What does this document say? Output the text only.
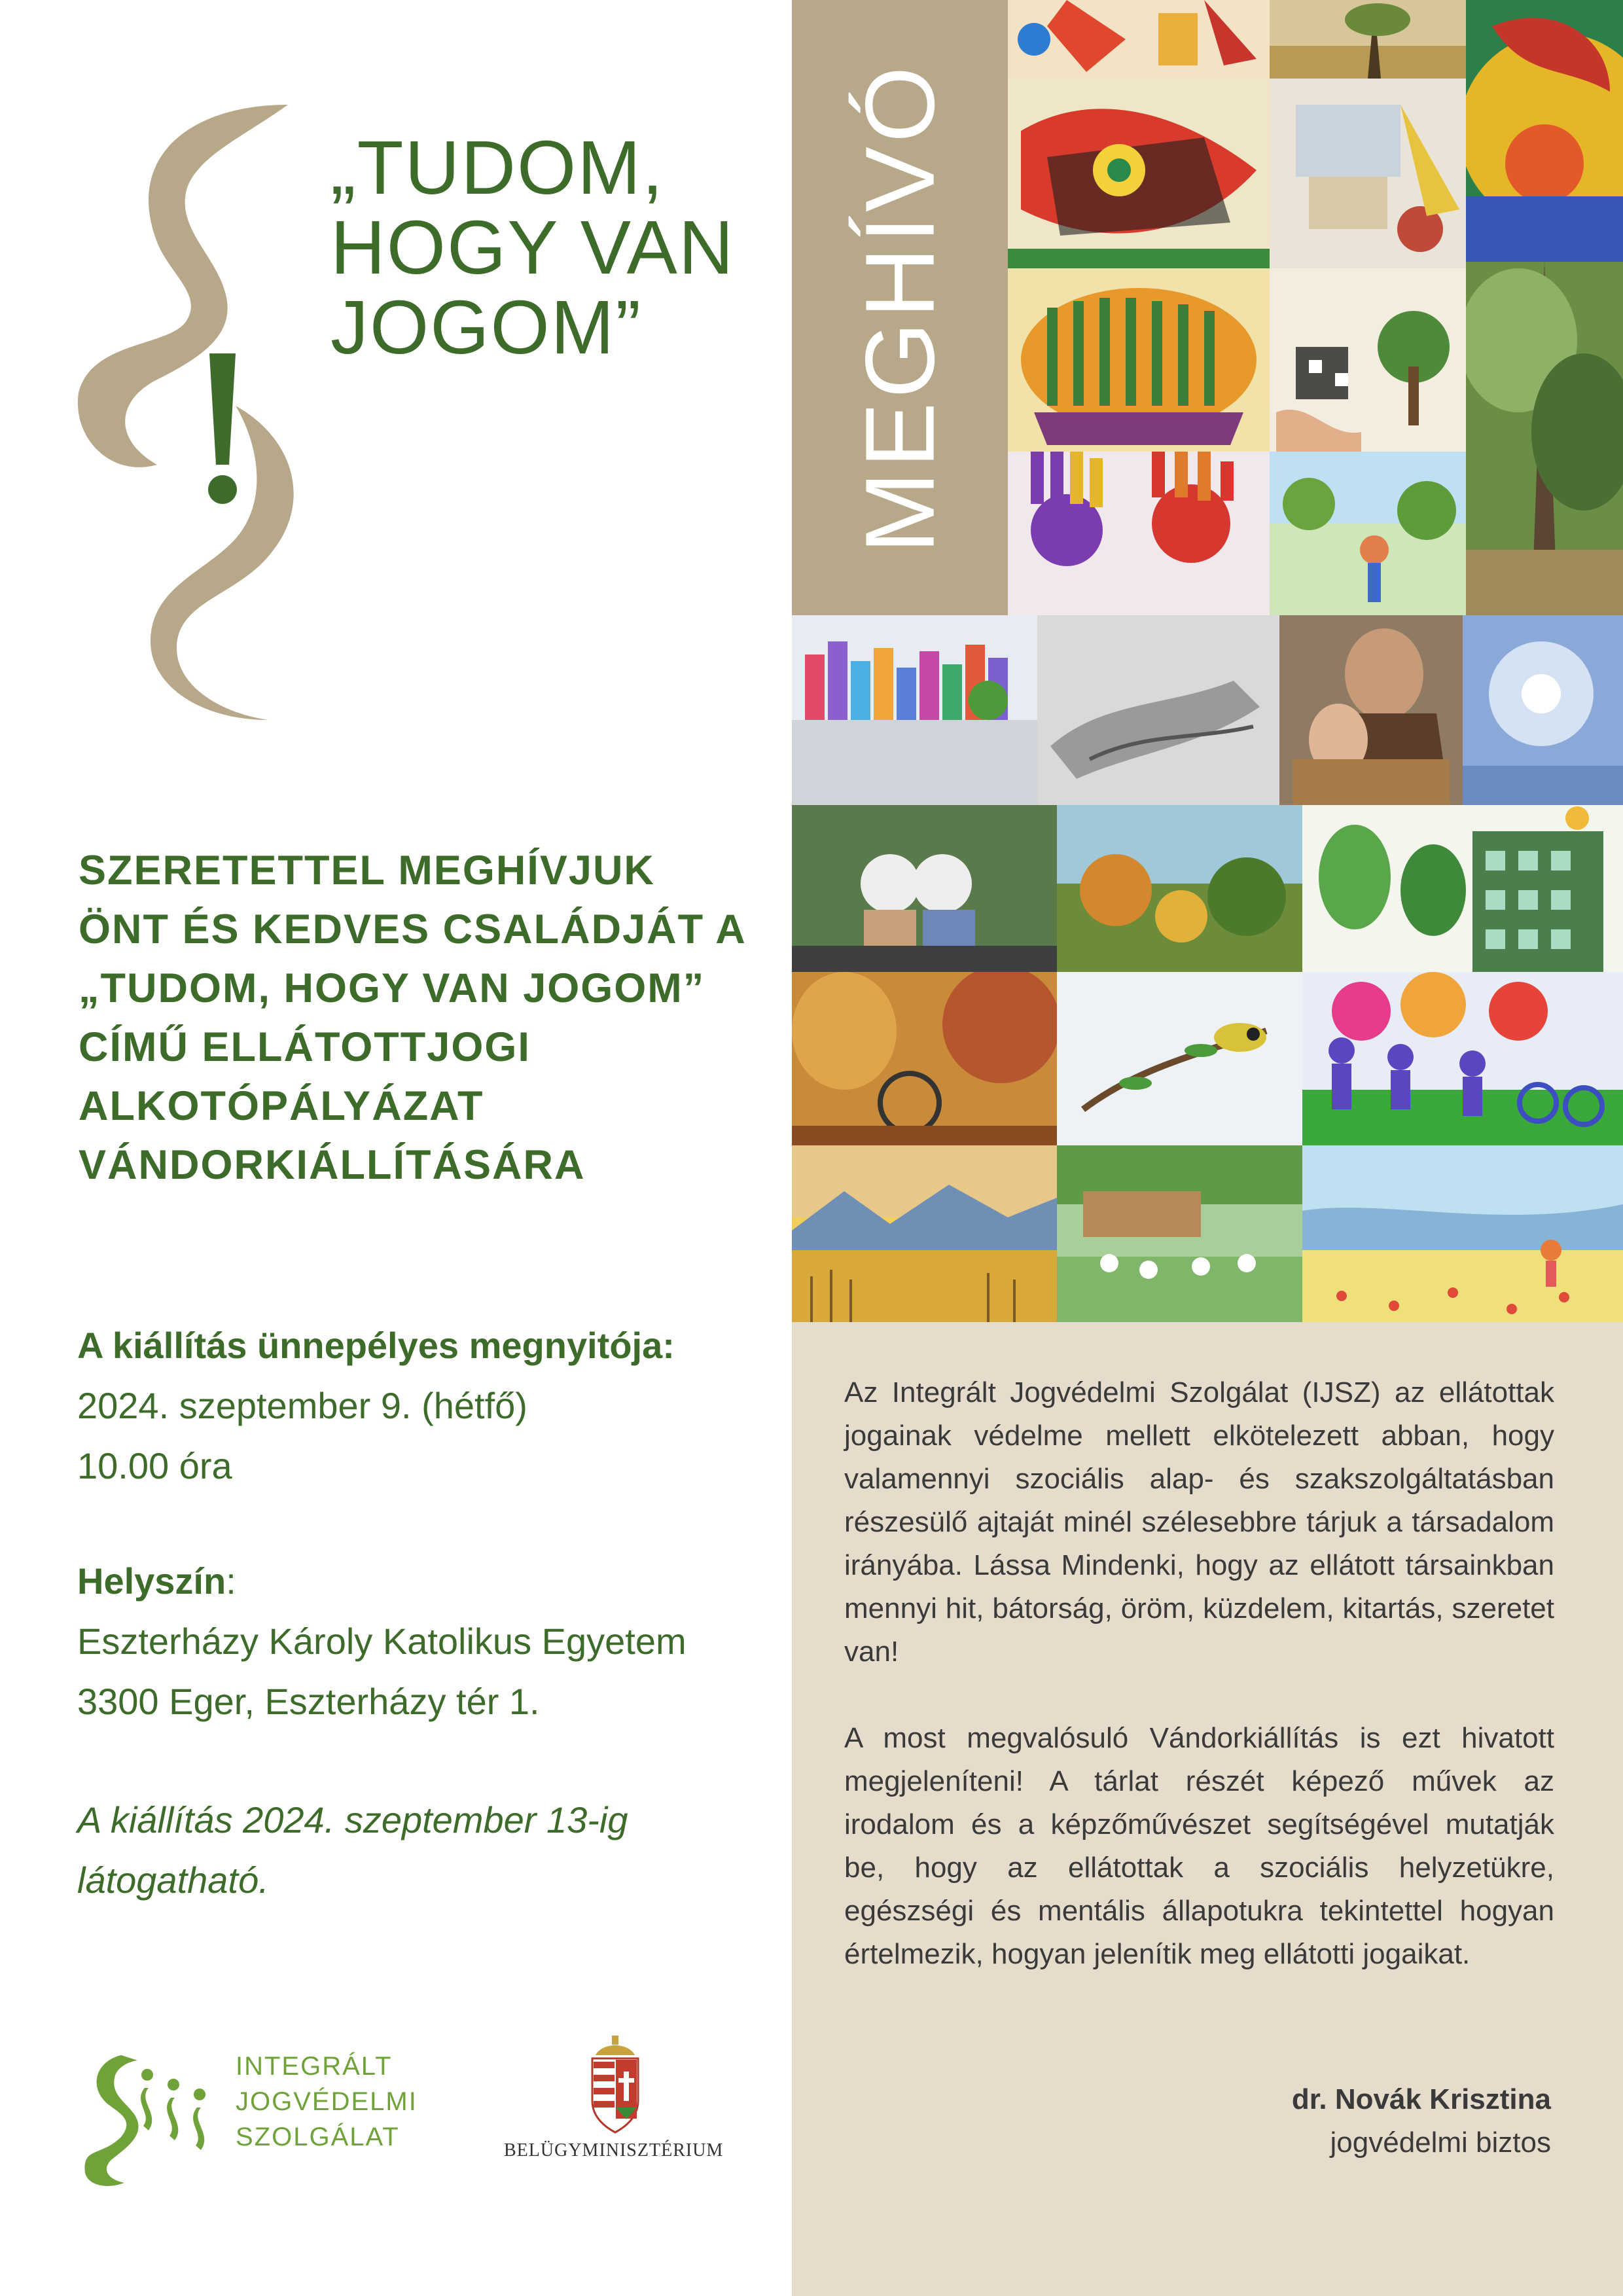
„TUDOM,
HOGY VAN
JOGOM”	MEGHÍVÓ
SZERETETTEL MEGHÍVJUK
ÖNT ÉS KEDVES CSALÁDJÁT A
„TUDOM, HOGY VAN JOGOM”
CÍMŰ ELLÁTOTTJOGI
ALKOTÓPÁLYÁZAT
VÁNDORKIÁLLÍTÁSÁRA
A kiállítás ünnepélyes megnyitója:
2024. szeptember 9. (hétfő)
10.00 óra
Helyszín:
Eszterházy Károly Katolikus Egyetem
3300 Eger, Eszterházy tér 1.
A kiállítás 2024. szeptember 13-ig
látogatható.

Az Integrált Jogvédelmi Szolgálat (IJSZ) az ellátottak jogainak védelme mellett elkötelezett abban, hogy valamennyi szociális alap- és szakszolgáltatásban részesülő ajtaját minél szélesebbre tárjuk a társadalom irányába. Lássa Mindenki, hogy az ellátott társainkban mennyi hit, bátorság, öröm, küzdelem, kitartás, szeretet van!

A most megvalósuló Vándorkiállítás is ezt hivatott megjeleníteni! A tárlat részét képező művek az irodalom és a képzőművészet segítségével mutatják be, hogy az ellátottak a szociális helyzetükre, egészségi és mentális állapotukra tekintettel hogyan értelmezik, hogyan jelenítik meg ellátotti jogaikat.

dr. Novák Krisztina
jogvédelmi biztos
INTEGRÁLT
JOGVÉDELMI
SZOLGÁLAT	BELÜGYMINISZTÉRIUM
